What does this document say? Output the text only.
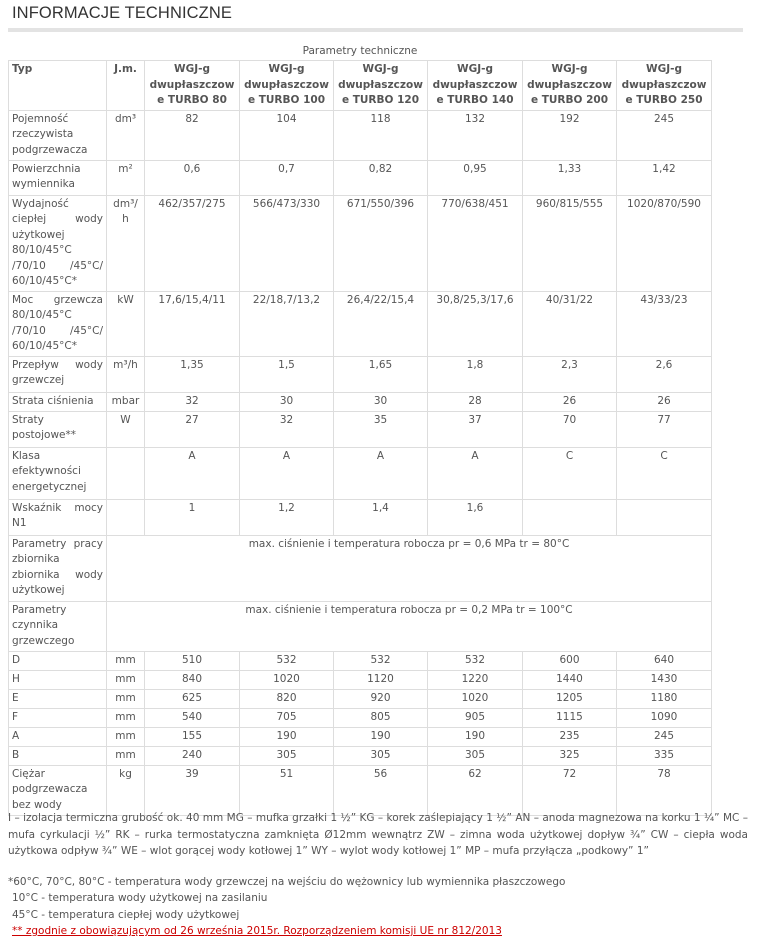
INFORMACJE TECHNICZNE
Parametry techniczne
Typ	J.m.	WGJ-g dwupłaszczowe TURBO 80	WGJ-g dwupłaszczowe TURBO 100	WGJ-g dwupłaszczowe TURBO 120	WGJ-g dwupłaszczowe TURBO 140	WGJ-g dwupłaszczowe TURBO 200	WGJ-g dwupłaszczowe TURBO 250
Pojemność rzeczywista podgrzewacza	dm³	82	104	118	132	192	245
Powierzchnia wymiennika	m²	0,6	0,7	0,82	0,95	1,33	1,42
Wydajność ciepłej wody użytkowej 80/10/45°C /70/10 /45°C/ 60/10/45°C*	dm³/h	462/357/275	566/473/330	671/550/396	770/638/451	960/815/555	1020/870/590
Moc grzewcza 80/10/45°C /70/10 /45°C/ 60/10/45°C*	kW	17,6/15,4/11	22/18,7/13,2	26,4/22/15,4	30,8/25,3/17,6	40/31/22	43/33/23
Przepływ wody grzewczej	m³/h	1,35	1,5	1,65	1,8	2,3	2,6
Strata ciśnienia	mbar	32	30	30	28	26	26
Straty postojowe**	W	27	32	35	37	70	77
Klasa efektywności energetycznej		A	A	A	A	C	C
Wskaźnik mocy N1		1	1,2	1,4	1,6		
Parametry pracy zbiornika zbiornika wody użytkowej	max. ciśnienie i temperatura robocza pr = 0,6 MPa tr = 80°C						
Parametry czynnika grzewczego	max. ciśnienie i temperatura robocza pr = 0,2 MPa tr = 100°C						
D	mm	510	532	532	532	600	640
H	mm	840	1020	1120	1220	1440	1430
E	mm	625	820	920	1020	1205	1180
F	mm	540	705	805	905	1115	1090
A	mm	155	190	190	190	235	245
B	mm	240	305	305	305	325	335
Ciężar podgrzewacza bez wody	kg	39	51	56	62	72	78
I – izolacja termiczna grubość ok. 40 mm MG – mufka grzałki 1 ½” KG – korek zaślepiający 1 ½” AN – anoda magnezowa na korku 1 ¼” MC – mufa cyrkulacji ½” RK – rurka termostatyczna zamknięta Ø12mm wewnątrz ZW – zimna woda użytkowej dopływ ¾” CW – ciepła woda użytkowa odpływ ¾” WE – wlot gorącej wody kotłowej 1” WY – wylot wody kotłowej 1” MP – mufa przyłącza „podkowy” 1”
*60°C, 70°C, 80°C - temperatura wody grzewczej na wejściu do wężownicy lub wymiennika płaszczowego
10°C - temperatura wody użytkowej na zasilaniu
45°C - temperatura ciepłej wody użytkowej
** zgodnie z obowiązującym od 26 września 2015r. Rozporządzeniem komisji UE nr 812/2013
